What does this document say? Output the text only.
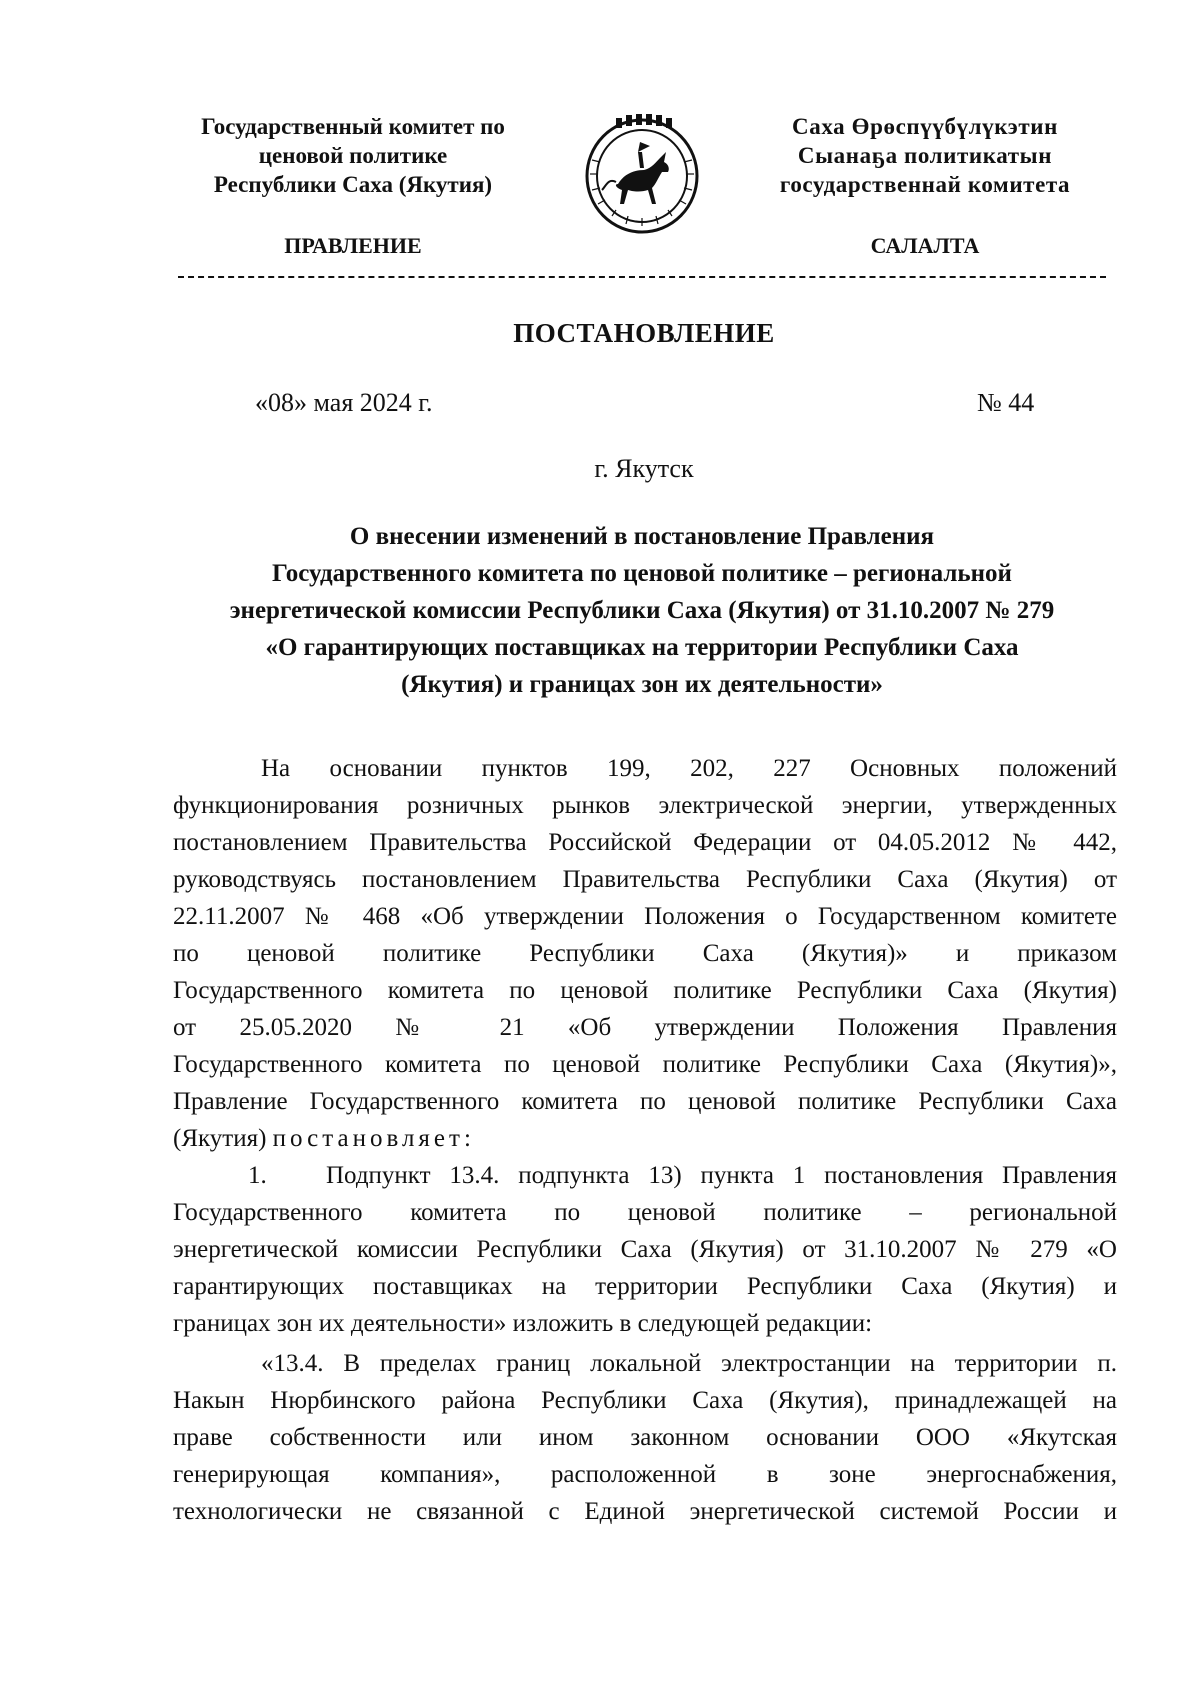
Государственный комитет по
ценовой политике
Республики Саха (Якутия)
Саха Өрөспүүбүлүкэтин
Сыанаҕа политикатын
государственнай комитета
ПРАВЛЕНИЕ	САЛАЛТА
ПОСТАНОВЛЕНИЕ
«08» мая 2024 г.	№ 44
г. Якутск
О внесении изменений в постановление Правления
Государственного комитета по ценовой политике – региональной
энергетической комиссии Республики Саха (Якутия) от 31.10.2007 № 279
«О гарантирующих поставщиках на территории Республики Саха
(Якутия) и границах зон их деятельности»
На основании пунктов 199, 202, 227 Основных положений
функционирования розничных рынков электрической энергии, утвержденных
постановлением Правительства Российской Федерации от 04.05.2012 № 442,
руководствуясь постановлением Правительства Республики Саха (Якутия) от
22.11.2007 № 468 «Об утверждении Положения о Государственном комитете
по ценовой политике Республики Саха (Якутия)» и приказом
Государственного комитета по ценовой политике Республики Саха (Якутия)
от 25.05.2020 № 21 «Об утверждении Положения Правления
Государственного комитета по ценовой политике Республики Саха (Якутия)»,
Правление Государственного комитета по ценовой политике Республики Саха
(Якутия) постановляет:
1. Подпункт 13.4. подпункта 13) пункта 1 постановления Правления
Государственного комитета по ценовой политике – региональной
энергетической комиссии Республики Саха (Якутия) от 31.10.2007 № 279 «О
гарантирующих поставщиках на территории Республики Саха (Якутия) и
границах зон их деятельности» изложить в следующей редакции:
«13.4. В пределах границ локальной электростанции на территории п.
Накын Нюрбинского района Республики Саха (Якутия), принадлежащей на
праве собственности или ином законном основании ООО «Якутская
генерирующая компания», расположенной в зоне энергоснабжения,
технологически не связанной с Единой энергетической системой России и
